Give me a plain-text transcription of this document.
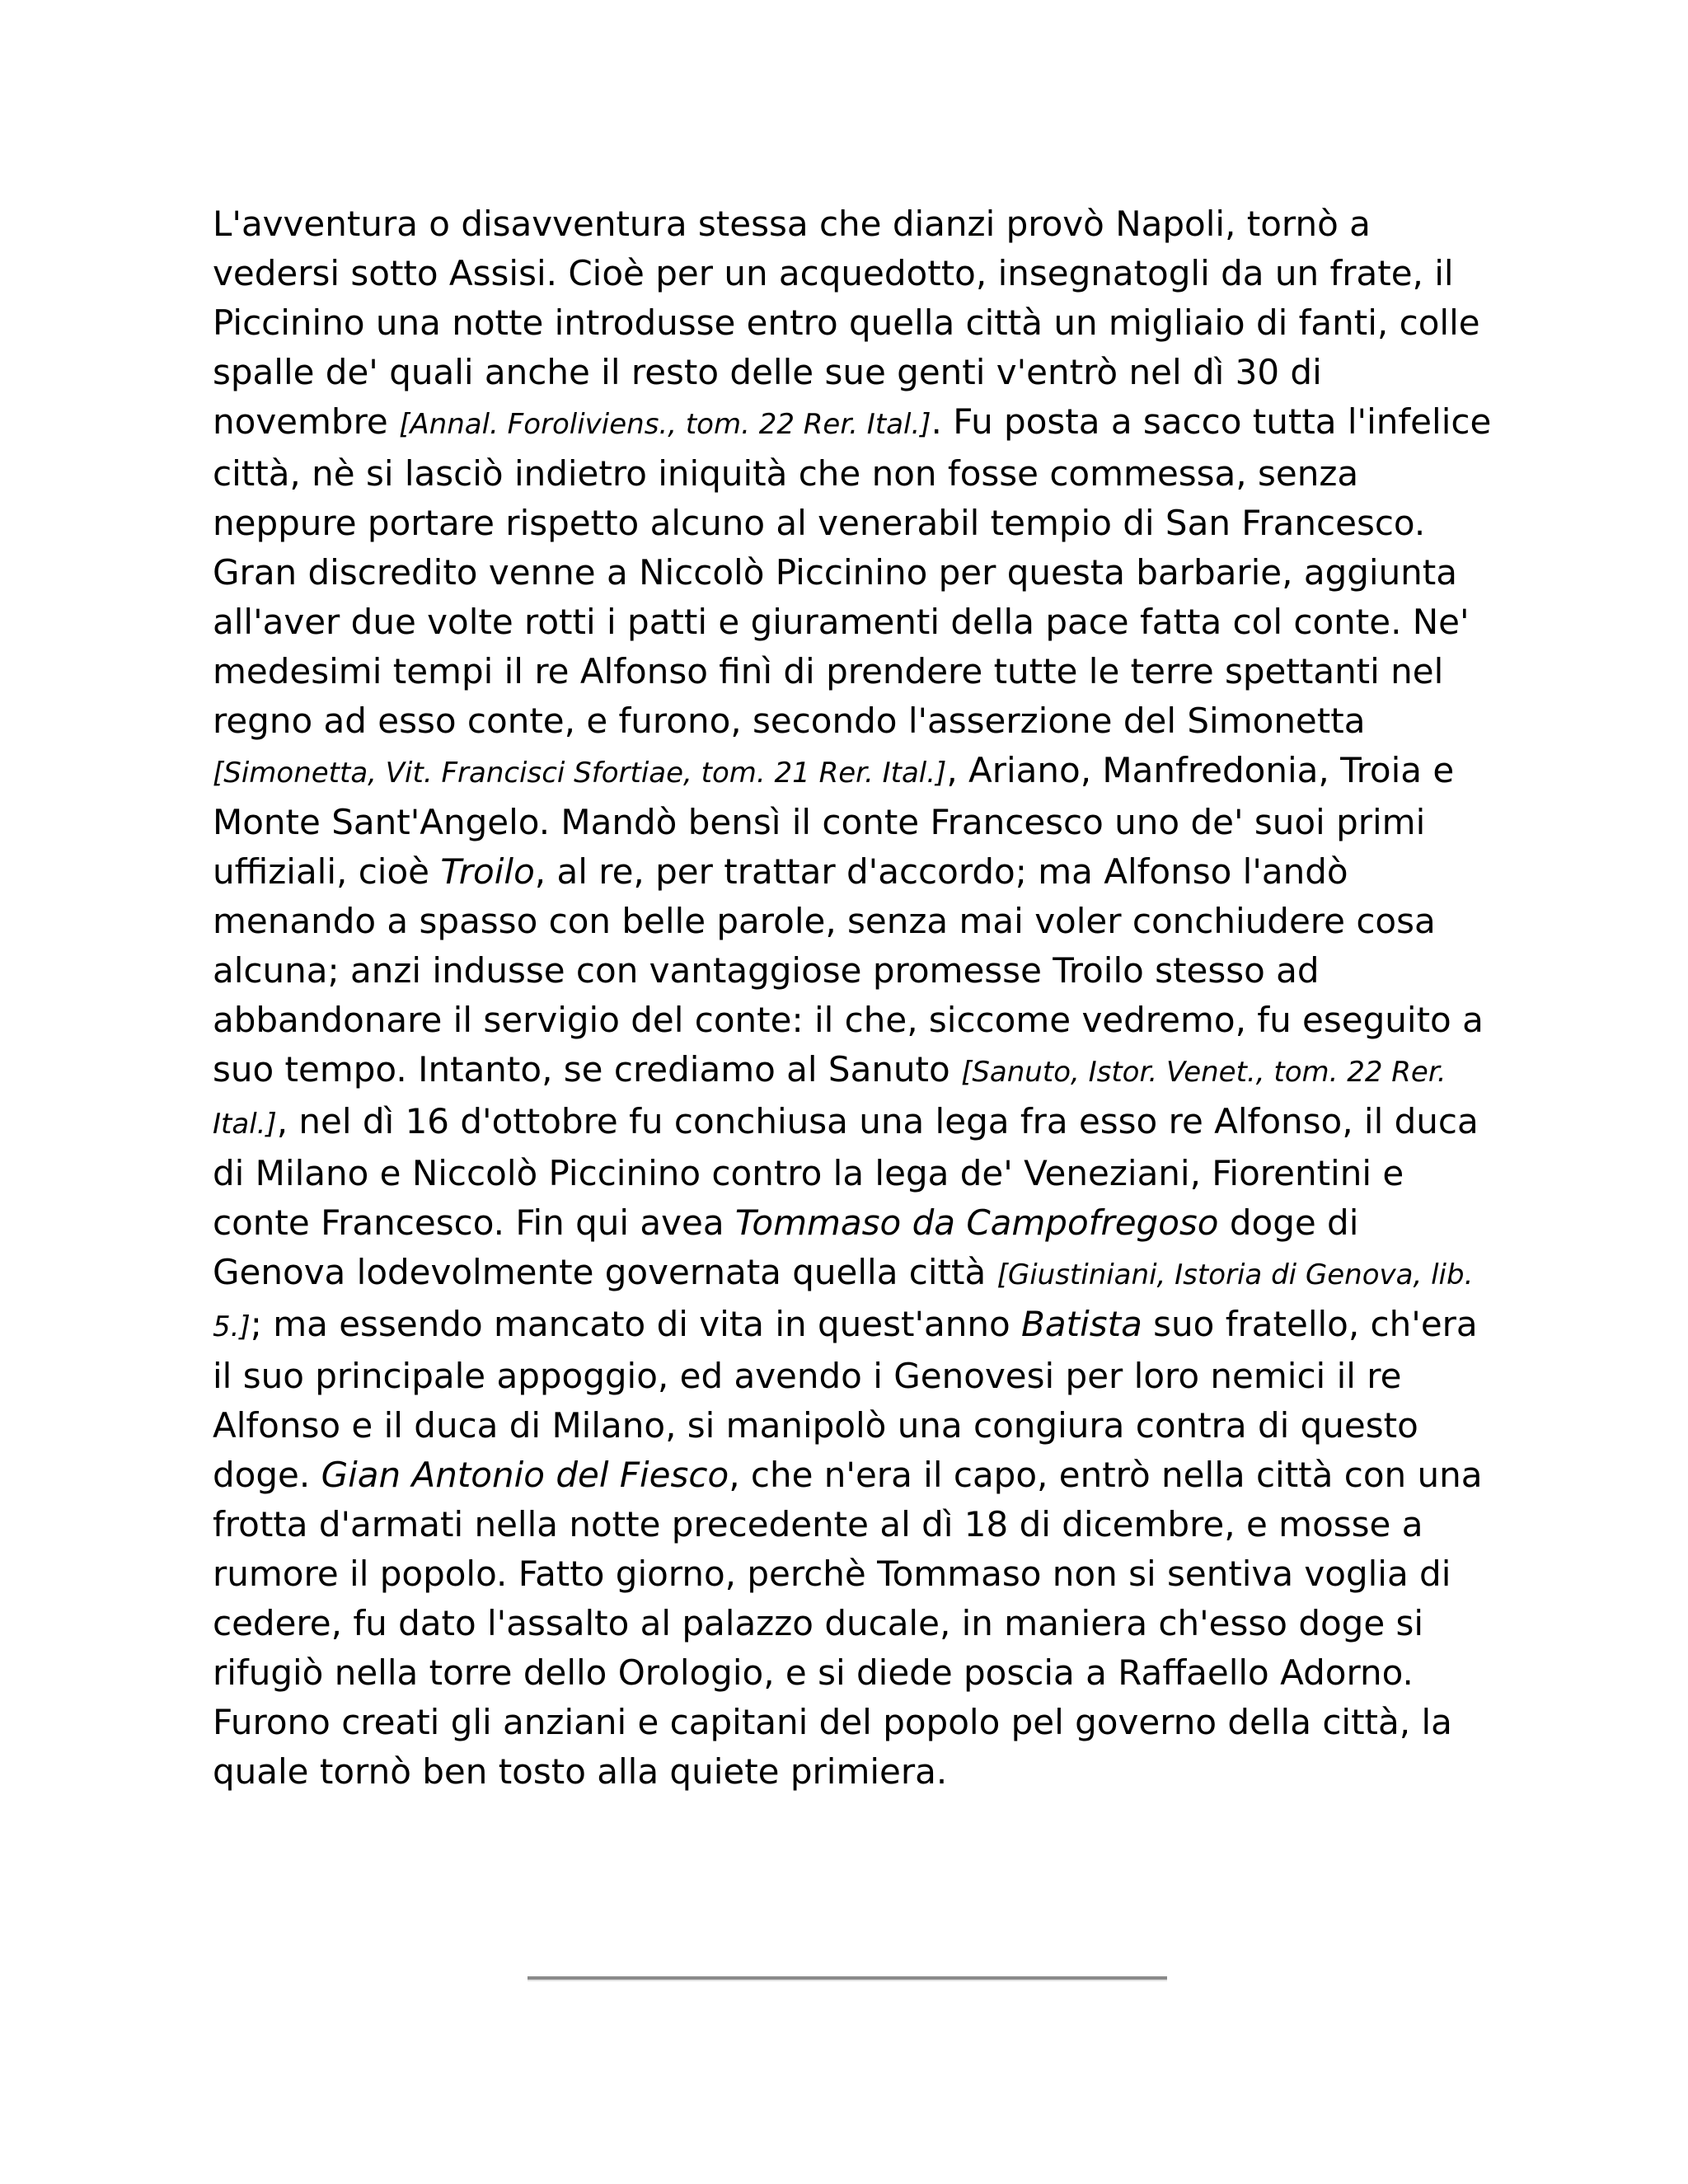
L'avventura o disavventura stessa che dianzi provò Napoli, tornò a vedersi sotto Assisi. Cioè per un acquedotto, insegnatogli da un frate, il Piccinino una notte introdusse entro quella città un migliaio di fanti, colle spalle de' quali anche il resto delle sue genti v'entrò nel dì 30 di novembre [Annal. Foroliviens., tom. 22 Rer. Ital.]. Fu posta a sacco tutta l'infelice città, nè si lasciò indietro iniquità che non fosse commessa, senza neppure portare rispetto alcuno al venerabil tempio di San Francesco. Gran discredito venne a Niccolò Piccinino per questa barbarie, aggiunta all'aver due volte rotti i patti e giuramenti della pace fatta col conte. Ne' medesimi tempi il re Alfonso finì di prendere tutte le terre spettanti nel regno ad esso conte, e furono, secondo l'asserzione del Simonetta [Simonetta, Vit. Francisci Sfortiae, tom. 21 Rer. Ital.], Ariano, Manfredonia, Troia e Monte Sant'Angelo. Mandò bensì il conte Francesco uno de' suoi primi uffiziali, cioè Troilo, al re, per trattar d'accordo; ma Alfonso l'andò menando a spasso con belle parole, senza mai voler conchiudere cosa alcuna; anzi indusse con vantaggiose promesse Troilo stesso ad abbandonare il servigio del conte: il che, siccome vedremo, fu eseguito a suo tempo. Intanto, se crediamo al Sanuto [Sanuto, Istor. Venet., tom. 22 Rer. Ital.], nel dì 16 d'ottobre fu conchiusa una lega fra esso re Alfonso, il duca di Milano e Niccolò Piccinino contro la lega de' Veneziani, Fiorentini e conte Francesco. Fin qui avea Tommaso da Campofregoso doge di Genova lodevolmente governata quella città [Giustiniani, Istoria di Genova, lib. 5.]; ma essendo mancato di vita in quest'anno Batista suo fratello, ch'era il suo principale appoggio, ed avendo i Genovesi per loro nemici il re Alfonso e il duca di Milano, si manipolò una congiura contra di questo doge. Gian Antonio del Fiesco, che n'era il capo, entrò nella città con una frotta d'armati nella notte precedente al dì 18 di dicembre, e mosse a rumore il popolo. Fatto giorno, perchè Tommaso non si sentiva voglia di cedere, fu dato l'assalto al palazzo ducale, in maniera ch'esso doge si rifugiò nella torre dello Orologio, e si diede poscia a Raffaello Adorno. Furono creati gli anziani e capitani del popolo pel governo della città, la quale tornò ben tosto alla quiete primiera.
